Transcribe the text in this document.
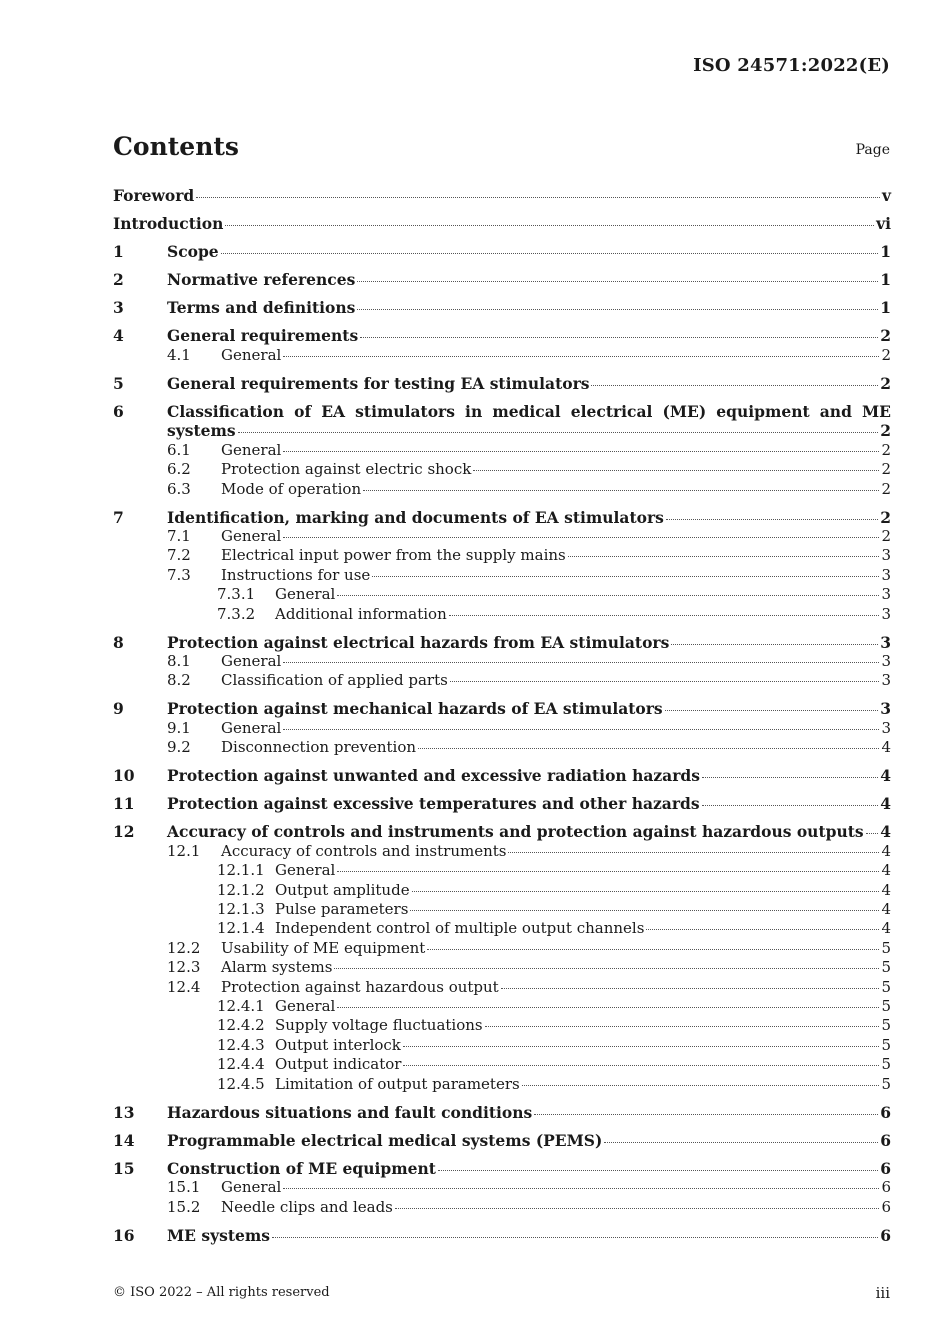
ISO 24571:2022(E)
Contents	Page
Foreword	v
Introduction	vi
1	Scope	1
2	Normative references	1
3	Terms and definitions	1
4	General requirements	2
4.1	General	2
5	General requirements for testing EA stimulators	2
6	Classification of EA stimulators in medical electrical (ME) equipment and ME
systems	2
6.1	General	2
6.2	Protection against electric shock	2
6.3	Mode of operation	2
7	Identification, marking and documents of EA stimulators	2
7.1	General	2
7.2	Electrical input power from the supply mains	3
7.3	Instructions for use	3
7.3.1	General	3
7.3.2	Additional information	3
8	Protection against electrical hazards from EA stimulators	3
8.1	General	3
8.2	Classification of applied parts	3
9	Protection against mechanical hazards of EA stimulators	3
9.1	General	3
9.2	Disconnection prevention	4
10	Protection against unwanted and excessive radiation hazards	4
11	Protection against excessive temperatures and other hazards	4
12	Accuracy of controls and instruments and protection against hazardous outputs 4
12.1	Accuracy of controls and instruments	4
12.1.1 General	4
12.1.2 Output amplitude	4
12.1.3 Pulse parameters	4
12.1.4 Independent control of multiple output channels	4
12.2	Usability of ME equipment	5
12.3	Alarm systems	5
12.4	Protection against hazardous output	5
12.4.1 General	5
12.4.2 Supply voltage fluctuations	5
12.4.3 Output interlock	5
12.4.4 Output indicator	5
12.4.5 Limitation of output parameters	5
13	Hazardous situations and fault conditions	6
14	Programmable electrical medical systems (PEMS)	6
15	Construction of ME equipment	6
15.1	General	6
15.2	Needle clips and leads	6
16	ME systems	6
© ISO 2022 – All rights reserved	iii
